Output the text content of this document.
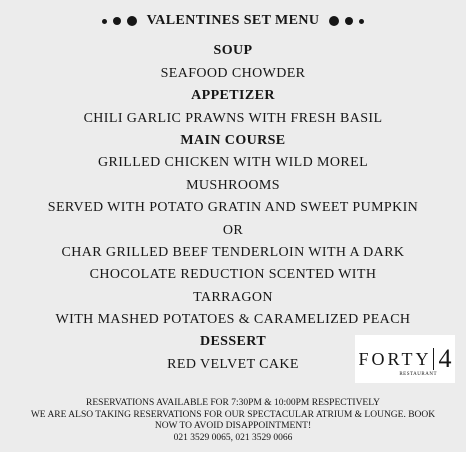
VALENTINES SET MENU
SOUP
SEAFOOD CHOWDER
APPETIZER
CHILI GARLIC PRAWNS WITH FRESH BASIL
MAIN COURSE
GRILLED CHICKEN WITH WILD MOREL
MUSHROOMS
SERVED WITH POTATO GRATIN AND SWEET PUMPKIN
OR
CHAR GRILLED BEEF TENDERLOIN WITH A DARK
CHOCOLATE REDUCTION SCENTED WITH
TARRAGON
WITH MASHED POTATOES & CARAMELIZED PEACH
DESSERT
RED VELVET CAKE	FORTY 4
RESTAURANT
RESERVATIONS AVAILABLE FOR 7:30PM & 10:00PM RESPECTIVELY
WE ARE ALSO TAKING RESERVATIONS FOR OUR SPECTACULAR ATRIUM & LOUNGE. BOOK
NOW TO AVOID DISAPPOINTMENT!
021 3529 0065, 021 3529 0066
